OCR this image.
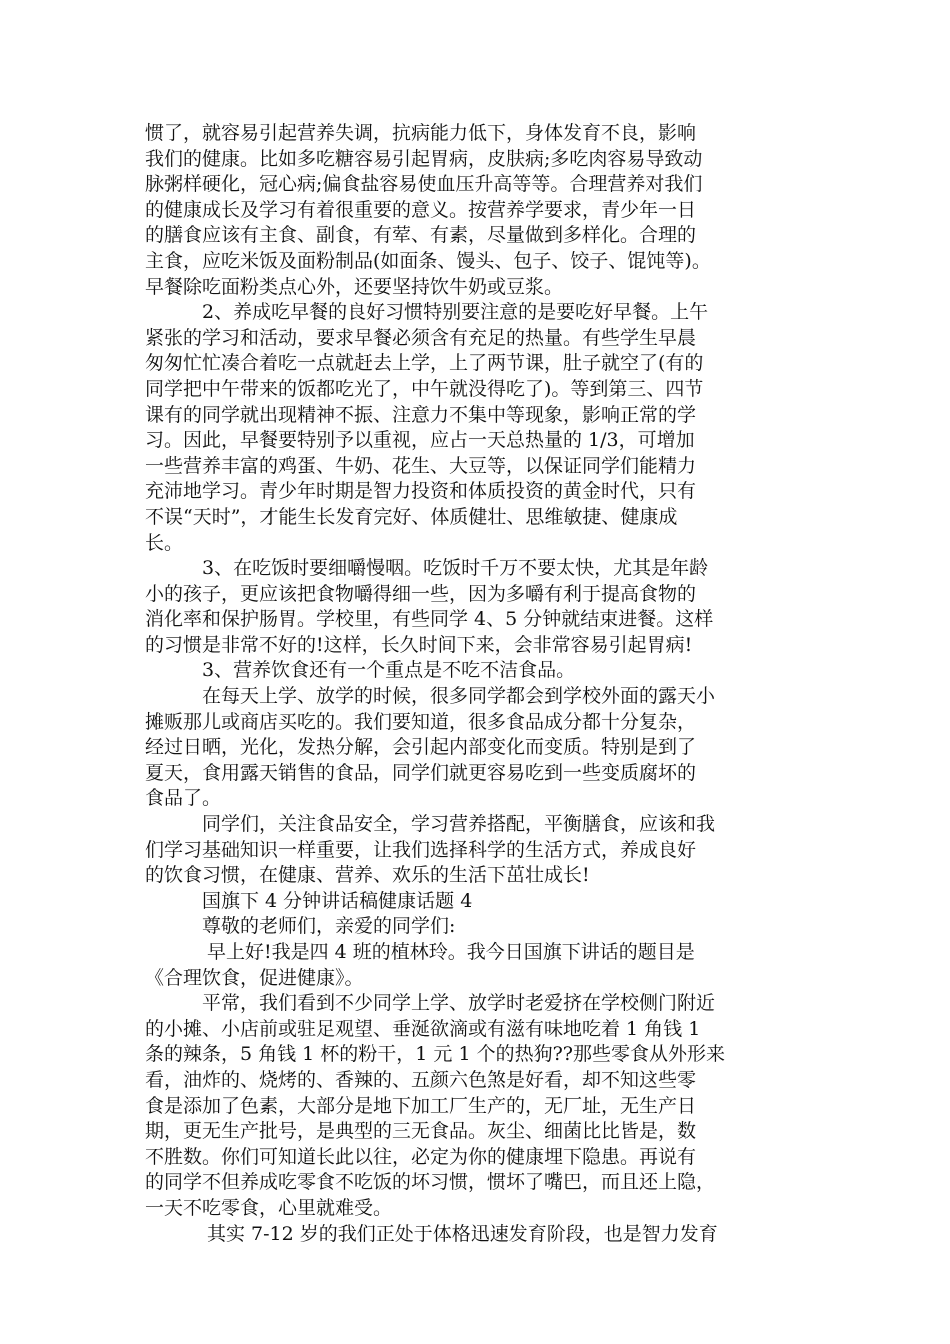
惯了，就容易引起营养失调，抗病能力低下，身体发育不良，影响
我们的健康。比如多吃糖容易引起胃病，皮肤病;多吃肉容易导致动
脉粥样硬化，冠心病;偏食盐容易使血压升高等等。合理营养对我们
的健康成长及学习有着很重要的意义。按营养学要求，青少年一日
的膳食应该有主食、副食，有荤、有素，尽量做到多样化。合理的
主食，应吃米饭及面粉制品(如面条、馒头、包子、饺子、馄饨等)。
早餐除吃面粉类点心外，还要坚持饮牛奶或豆浆。
2、养成吃早餐的良好习惯特别要注意的是要吃好早餐。上午
紧张的学习和活动，要求早餐必须含有充足的热量。有些学生早晨
匆匆忙忙凑合着吃一点就赶去上学，上了两节课，肚子就空了(有的
同学把中午带来的饭都吃光了，中午就没得吃了)。等到第三、四节
课有的同学就出现精神不振、注意力不集中等现象，影响正常的学
习。因此，早餐要特别予以重视，应占一天总热量的 1/3，可增加
一些营养丰富的鸡蛋、牛奶、花生、大豆等，以保证同学们能精力
充沛地学习。青少年时期是智力投资和体质投资的黄金时代，只有
不误“天时”，才能生长发育完好、体质健壮、思维敏捷、健康成
长。
3、在吃饭时要细嚼慢咽。吃饭时千万不要太快，尤其是年龄
小的孩子，更应该把食物嚼得细一些，因为多嚼有利于提高食物的
消化率和保护肠胃。学校里，有些同学 4、5 分钟就结束进餐。这样
的习惯是非常不好的!这样，长久时间下来，会非常容易引起胃病!
3、营养饮食还有一个重点是不吃不洁食品。
在每天上学、放学的时候，很多同学都会到学校外面的露天小
摊贩那儿或商店买吃的。我们要知道，很多食品成分都十分复杂，
经过日晒，光化，发热分解，会引起内部变化而变质。特别是到了
夏天，食用露天销售的食品，同学们就更容易吃到一些变质腐坏的
食品了。
同学们，关注食品安全，学习营养搭配，平衡膳食，应该和我
们学习基础知识一样重要，让我们选择科学的生活方式，养成良好
的饮食习惯，在健康、营养、欢乐的生活下茁壮成长!
国旗下 4 分钟讲话稿健康话题 4
尊敬的老师们，亲爱的同学们:
早上好!我是四 4 班的植林玲。我今日国旗下讲话的题目是
《合理饮食，促进健康》。
平常，我们看到不少同学上学、放学时老爱挤在学校侧门附近
的小摊、小店前或驻足观望、垂涎欲滴或有滋有味地吃着 1 角钱 1
条的辣条，5 角钱 1 杯的粉干，1 元 1 个的热狗??那些零食从外形来
看，油炸的、烧烤的、香辣的、五颜六色煞是好看，却不知这些零
食是添加了色素，大部分是地下加工厂生产的，无厂址，无生产日
期，更无生产批号，是典型的三无食品。灰尘、细菌比比皆是，数
不胜数。你们可知道长此以往，必定为你的健康埋下隐患。再说有
的同学不但养成吃零食不吃饭的坏习惯，惯坏了嘴巴，而且还上隐，
一天不吃零食，心里就难受。
其实 7-12 岁的我们正处于体格迅速发育阶段，也是智力发育
